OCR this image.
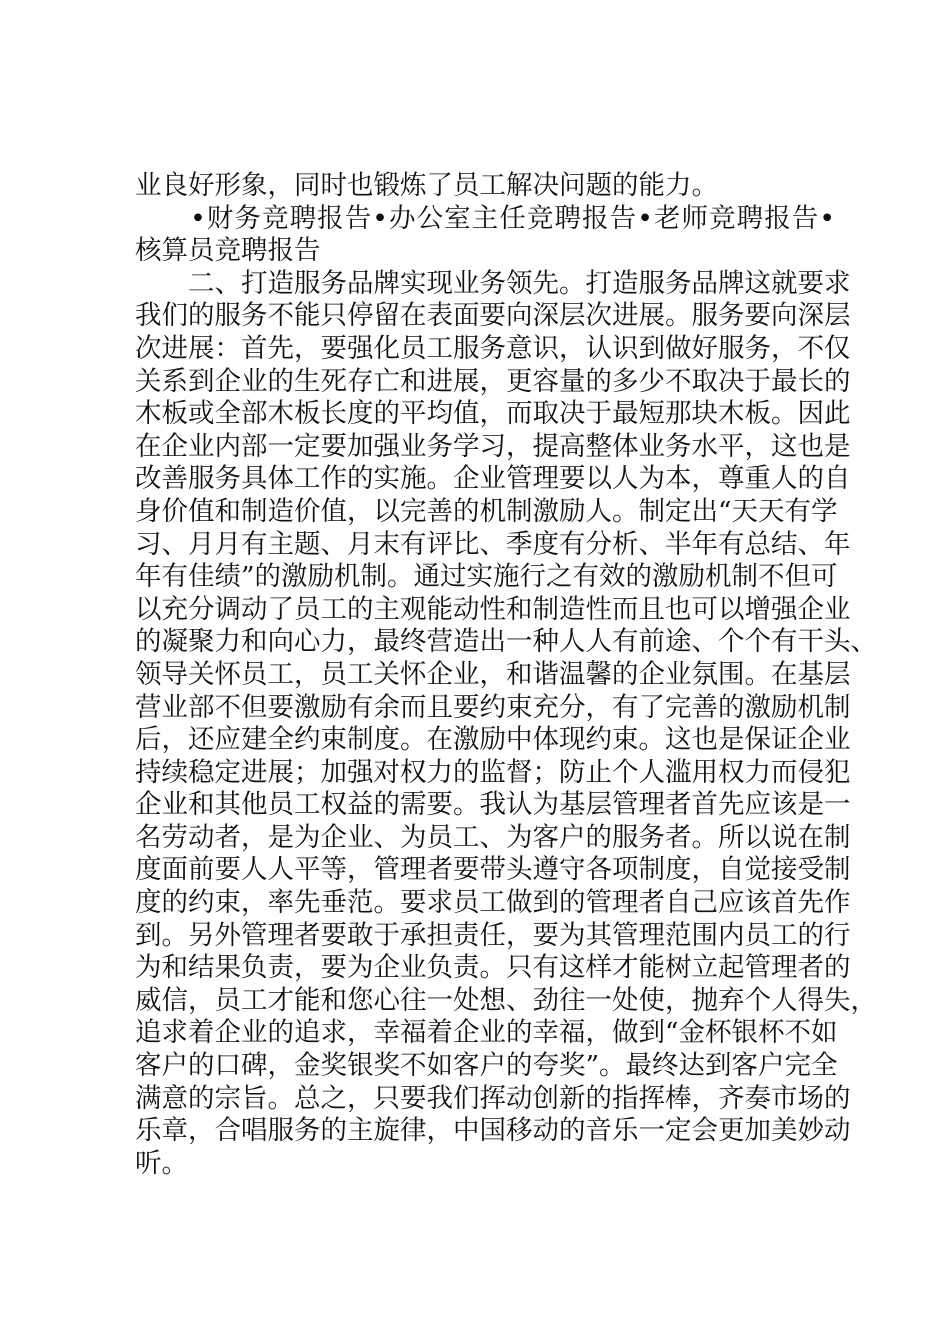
业良好形象，同时也锻炼了员工解决问题的能力。
　　•财务竞聘报告•办公室主任竞聘报告•老师竞聘报告•
核算员竞聘报告
　　二、打造服务品牌实现业务领先。打造服务品牌这就要求
我们的服务不能只停留在表面要向深层次进展。服务要向深层
次进展：首先，要强化员工服务意识，认识到做好服务，不仅
关系到企业的生死存亡和进展，更容量的多少不取决于最长的
木板或全部木板长度的平均值，而取决于最短那块木板。因此
在企业内部一定要加强业务学习，提高整体业务水平，这也是
改善服务具体工作的实施。企业管理要以人为本，尊重人的自
身价值和制造价值，以完善的机制激励人。制定出“天天有学
习、月月有主题、月末有评比、季度有分析、半年有总结、年
年有佳绩”的激励机制。通过实施行之有效的激励机制不但可
以充分调动了员工的主观能动性和制造性而且也可以增强企业
的凝聚力和向心力，最终营造出一种人人有前途、个个有干头、
领导关怀员工，员工关怀企业，和谐温馨的企业氛围。在基层
营业部不但要激励有余而且要约束充分，有了完善的激励机制
后，还应建全约束制度。在激励中体现约束。这也是保证企业
持续稳定进展；加强对权力的监督；防止个人滥用权力而侵犯
企业和其他员工权益的需要。我认为基层管理者首先应该是一
名劳动者，是为企业、为员工、为客户的服务者。所以说在制
度面前要人人平等，管理者要带头遵守各项制度，自觉接受制
度的约束，率先垂范。要求员工做到的管理者自己应该首先作
到。另外管理者要敢于承担责任，要为其管理范围内员工的行
为和结果负责，要为企业负责。只有这样才能树立起管理者的
威信，员工才能和您心往一处想、劲往一处使，抛弃个人得失，
追求着企业的追求，幸福着企业的幸福，做到“金杯银杯不如
客户的口碑，金奖银奖不如客户的夸奖”。最终达到客户完全
满意的宗旨。总之，只要我们挥动创新的指挥棒，齐奏市场的
乐章，合唱服务的主旋律，中国移动的音乐一定会更加美妙动
听。
